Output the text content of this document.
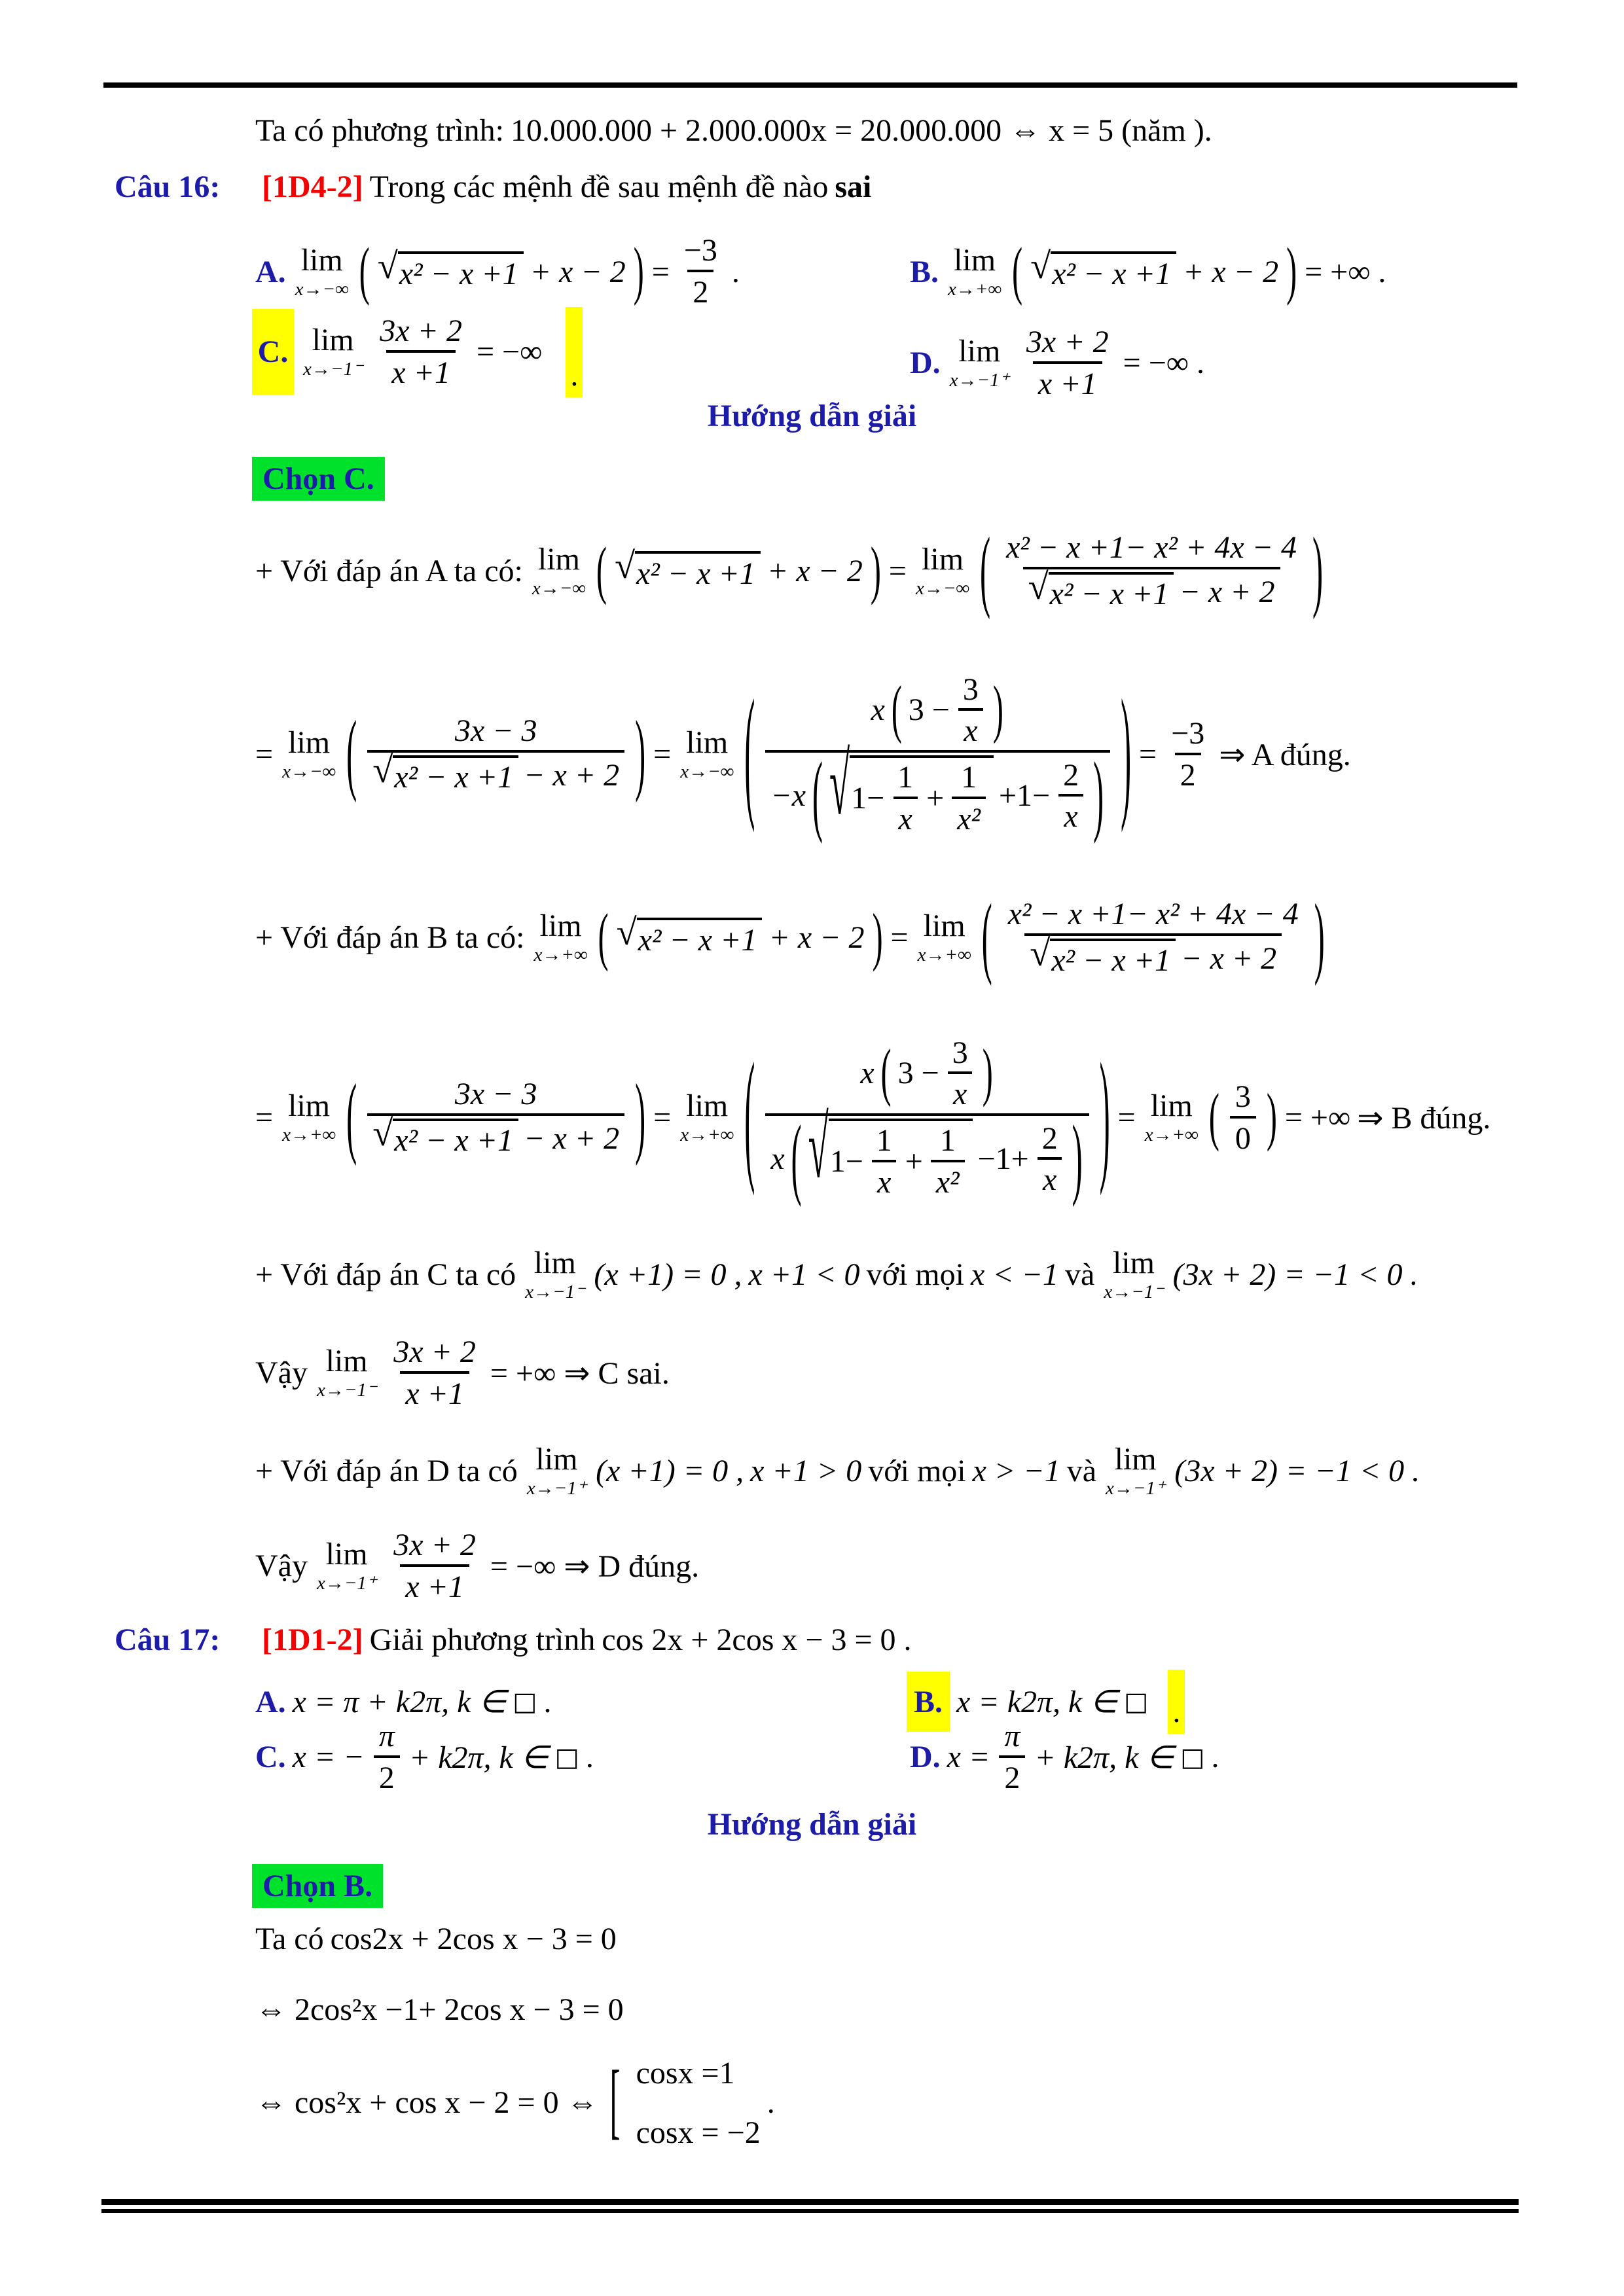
Ta có phương trình: 10.000.000 + 2.000.000x = 20.000.000 ⇔ x = 5 (năm ).
Câu 16:	[1D4-2] Trong các mệnh đề sau mệnh đề nào sai
A. lim
x→−∞ ( √ x² − x +1 + x − 2 ) = $\frac{-3}{2}$ .	B. lim
x→+∞ ( √ x² − x +1 + x − 2 ) = +∞ .
C. lim
$x\to-1^- \frac{3x + 2}{x +1}$ = −∞
.	D. lim
$x\to-1^+ \frac{3x + 2}{x +1}$ = −∞ .
Hướng dẫn giải
Chọn C.
+ Với đáp án A ta có: lim
x→−∞ ( √ x² − x +1 + x − 2 ) = lim
x→−∞ ( x² − x +1− x² + 4x − 4
√ x² − x +1 − x + 2 )
= lim
x→−∞ (	3x − 3
√ x² − x +1 − x + 2 ) = lim
x→−∞ (	x ( $3 - \frac{3}{x}$ )
−x ( √ $1- \frac{1}{x} + \frac{1}{\text{x²}} +1- \frac{2}{x}$ ) ) = $\frac{-3}{2}$ ⇒ A đúng.
+ Với đáp án B ta có: lim
x→+∞ ( √ x² − x +1 + x − 2 ) = lim
x→+∞ ( x² − x +1− x² + 4x − 4
√ x² − x +1 − x + 2 )
= lim
x→+∞ (	3x − 3
√ x² − x +1 − x + 2 ) = lim
x→+∞ (	x ( $3 - \frac{3}{x}$ )
x ( √ $1- \frac{1}{x} + \frac{1}{\text{x²}} -1+ \frac{2}{x}$ ) ) = lim
x→+∞ ( 3
0 ) = +∞ ⇒ B đúng.
+ Với đáp án C ta có lim
x→−1⁻ (x +1) = 0 , x +1 < 0 với mọi x < −1 và lim
x→−1⁻ (3x + 2) = −1 < 0 .
Vậy lim
$x\to-1^- \frac{3x + 2}{x +1}$ = +∞ ⇒ C sai.
+ Với đáp án D ta có lim
x→−1⁺ (x +1) = 0 , x +1 > 0 với mọi x > −1 và lim
x→−1⁺ (3x + 2) = −1 < 0 .
Vậy lim
$x\to-1^+ \frac{3x + 2}{x +1}$ = −∞ ⇒ D đúng.
Câu 17:	[1D1-2] Giải phương trình cos 2x + 2cos x − 3 = 0 .
A. x = π + k2π, k ∈ □ .	B. x = k2π, k ∈ □ .
C. x = − $\frac{\pi}{2} + k2\pi$, k ∈ □ .	D. $x = \frac{\pi}{2} + k2\pi$, k ∈ □ .
Hướng dẫn giải
Chọn B.
Ta có cos2x + 2cos x − 3 = 0
⇔ 2cos²x −1+ 2cos x − 3 = 0
⇔ cos²x + cos x − 2 = 0 ⇔ [ cosx =1
cosx = −2
.
